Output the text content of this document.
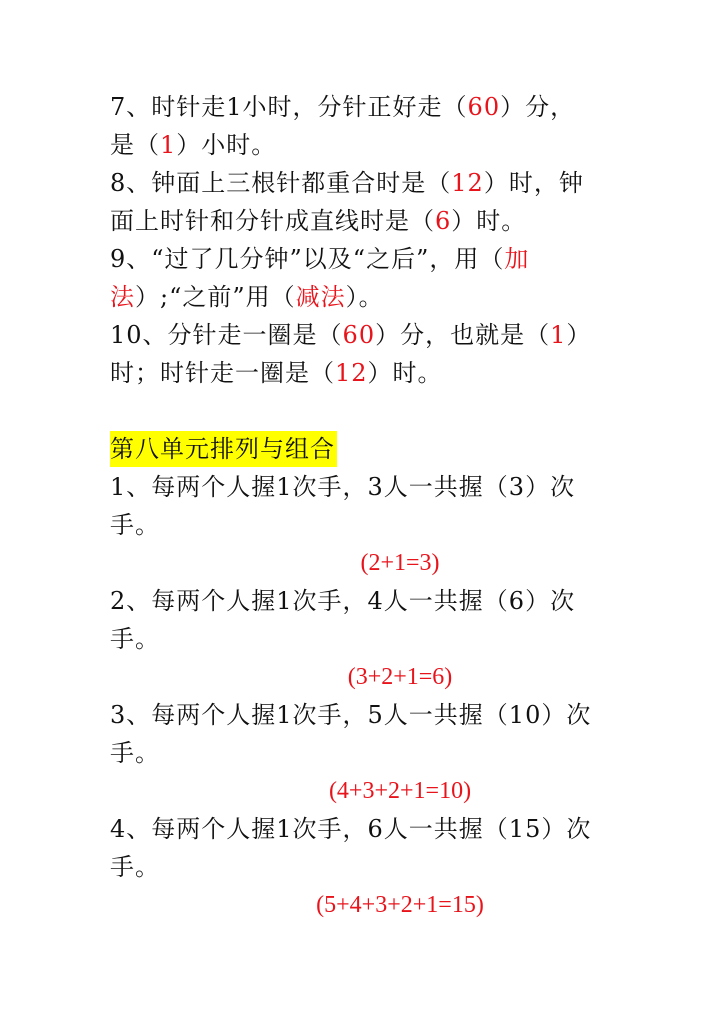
7、时针走1小时，分针正好走（60）分，
是（1）小时。
8、钟面上三根针都重合时是（12）时，钟
面上时针和分针成直线时是（6）时。
9、“过了几分钟”以及“之后”，用（加
法）;“之前”用（减法）。
10、分针走一圈是（60）分，也就是（1）
时；时针走一圈是（12）时。
第八单元排列与组合
1、每两个人握1次手，3人一共握（3）次
手。
(2+1=3)
2、每两个人握1次手，4人一共握（6）次
手。
(3+2+1=6)
3、每两个人握1次手，5人一共握（10）次
手。
(4+3+2+1=10)
4、每两个人握1次手，6人一共握（15）次
手。
(5+4+3+2+1=15)
